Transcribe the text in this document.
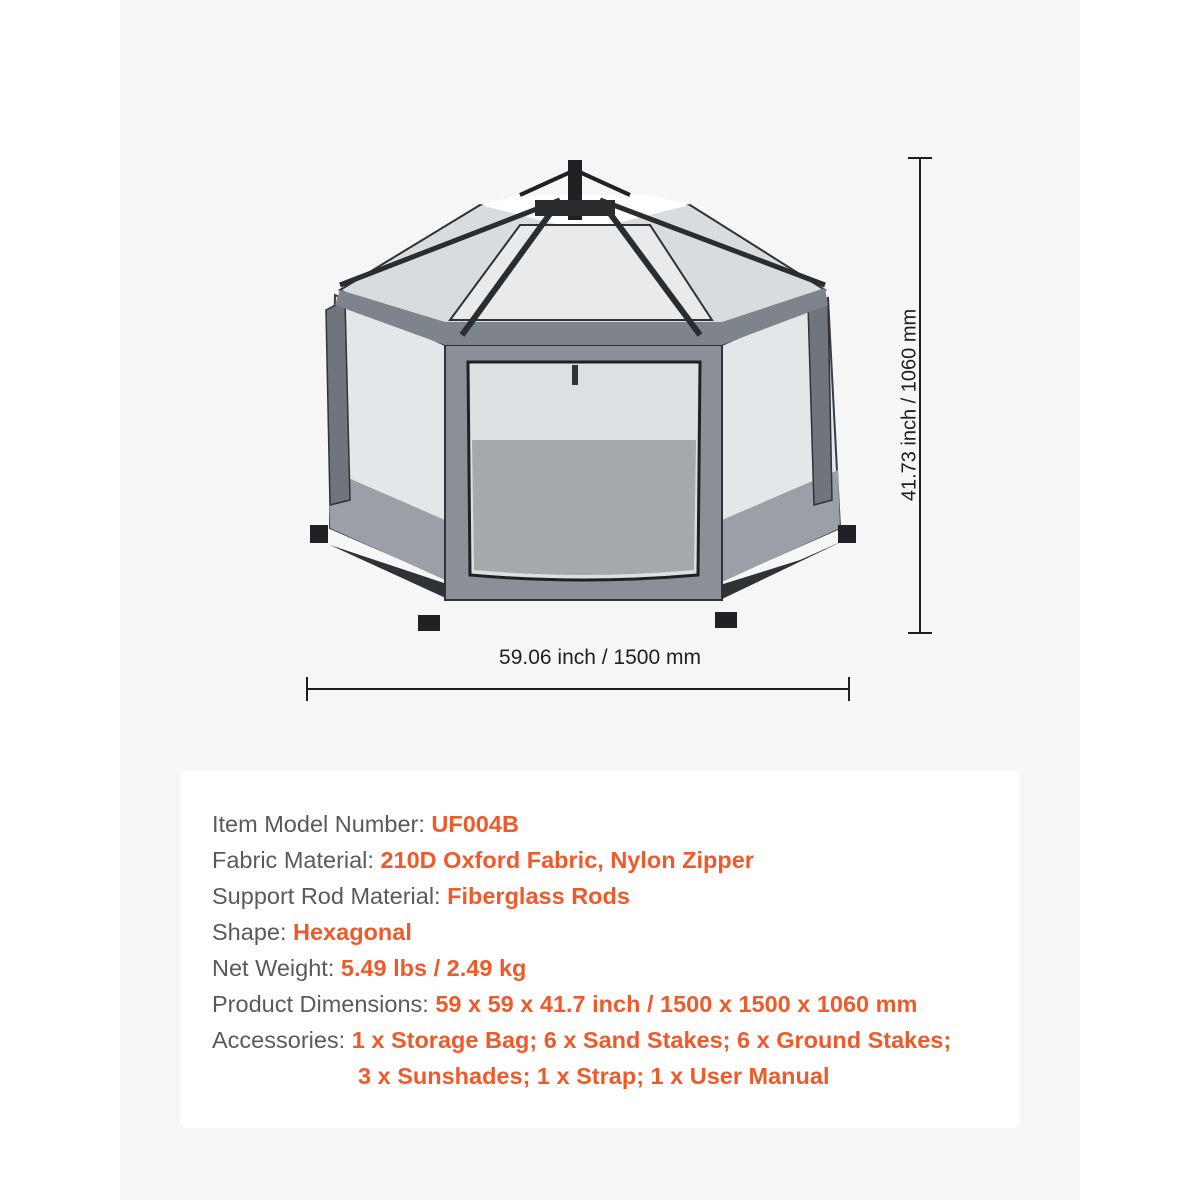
59.06 inch / 1500 mm
41.73 inch / 1060 mm
Item Model Number: UF004B
Fabric Material: 210D Oxford Fabric, Nylon Zipper
Support Rod Material: Fiberglass Rods
Shape: Hexagonal
Net Weight: 5.49 lbs / 2.49 kg
Product Dimensions: 59 x 59 x 41.7 inch / 1500 x 1500 x 1060 mm
Accessories: 1 x Storage Bag; 6 x Sand Stakes; 6 x Ground Stakes;
3 x Sunshades; 1 x Strap; 1 x User Manual
